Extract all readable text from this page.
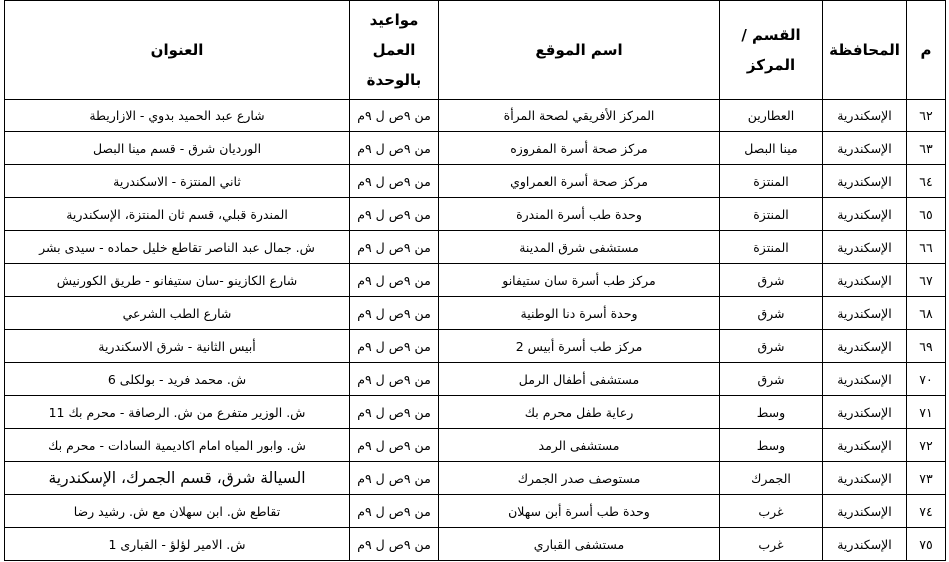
م	المحافظة	القسم / المركز	اسم الموقع	مواعيد العمل بالوحدة	العنوان
٦٢	الإسكندرية	العطارين	المركز الأفريقي لصحة المرأة	من ٩ص ل ٩م	شارع عبد الحميد بدوي - الازاريطة
٦٣	الإسكندرية	مينا البصل	مركز صحة أسرة المفروزه	من ٩ص ل ٩م	الورديان شرق - قسم مينا البصل
٦٤	الإسكندرية	المنتزة	مركز صحة أسرة العمراوي	من ٩ص ل ٩م	ثاني المنتزة - الاسكندرية
٦٥	الإسكندرية	المنتزة	وحدة طب أسرة المندرة	من ٩ص ل ٩م	المندرة قبلي، قسم ثان المنتزة، الإسكندرية
٦٦	الإسكندرية	المنتزة	مستشفى شرق المدينة	من ٩ص ل ٩م	ش. جمال عبد الناصر تقاطع خليل حماده - سيدى بشر
٦٧	الإسكندرية	شرق	مركز طب أسرة سان ستيفانو	من ٩ص ل ٩م	شارع الكازينو -سان ستيفانو - طريق الكورنيش
٦٨	الإسكندرية	شرق	وحدة أسرة دنا الوطنية	من ٩ص ل ٩م	شارع الطب الشرعي
٦٩	الإسكندرية	شرق	مركز طب أسرة أبيس 2	من ٩ص ل ٩م	أبيس الثانية - شرق الاسكندرية
٧٠	الإسكندرية	شرق	مستشفى أطفال الرمل	من ٩ص ل ٩م	ش. محمد فريد - بولكلى 6
٧١	الإسكندرية	وسط	رعاية طفل محرم بك	من ٩ص ل ٩م	ش. الوزير متفرع من ش. الرصافة - محرم بك 11
٧٢	الإسكندرية	وسط	مستشفى الرمد	من ٩ص ل ٩م	ش. وابور المياه امام اكاديمية السادات - محرم بك
٧٣	الإسكندرية	الجمرك	مستوصف صدر الجمرك	من ٩ص ل ٩م	السيالة شرق، قسم الجمرك، الإسكندرية
٧٤	الإسكندرية	غرب	وحدة طب أسرة أبن سهلان	من ٩ص ل ٩م	تقاطع ش. ابن سهلان مع ش. رشيد رضا
٧٥	الإسكندرية	غرب	مستشفى القباري	من ٩ص ل ٩م	ش. الامير لؤلؤ - القبارى 1
